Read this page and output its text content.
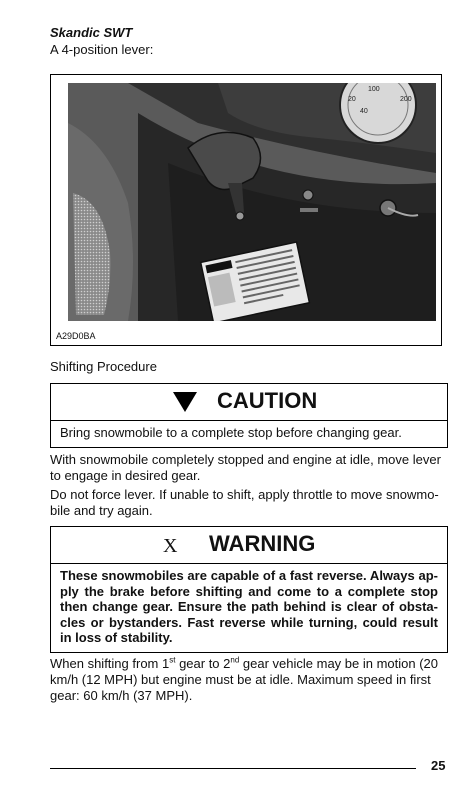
Skandic SWT
A 4-position lever:
100
200
20
40
A29D0BA
Shifting Procedure
CAUTION
Bring snowmobile to a complete stop before changing gear.
With snowmobile completely stopped and engine at idle, move lever to engage in desired gear.
Do not force lever. If unable to shift, apply throttle to move snowmo-bile and try again.
X WARNING
These snowmobiles are capable of a fast reverse. Always ap-ply the brake before shifting and come to a complete stop then change gear. Ensure the path behind is clear of obsta-cles or bystanders. Fast reverse while turning, could result in loss of stability.
When shifting from 1st gear to 2nd gear vehicle may be in motion (20 km/h (12 MPH) but engine must be at idle. Maximum speed in first gear: 60 km/h (37 MPH).
25
